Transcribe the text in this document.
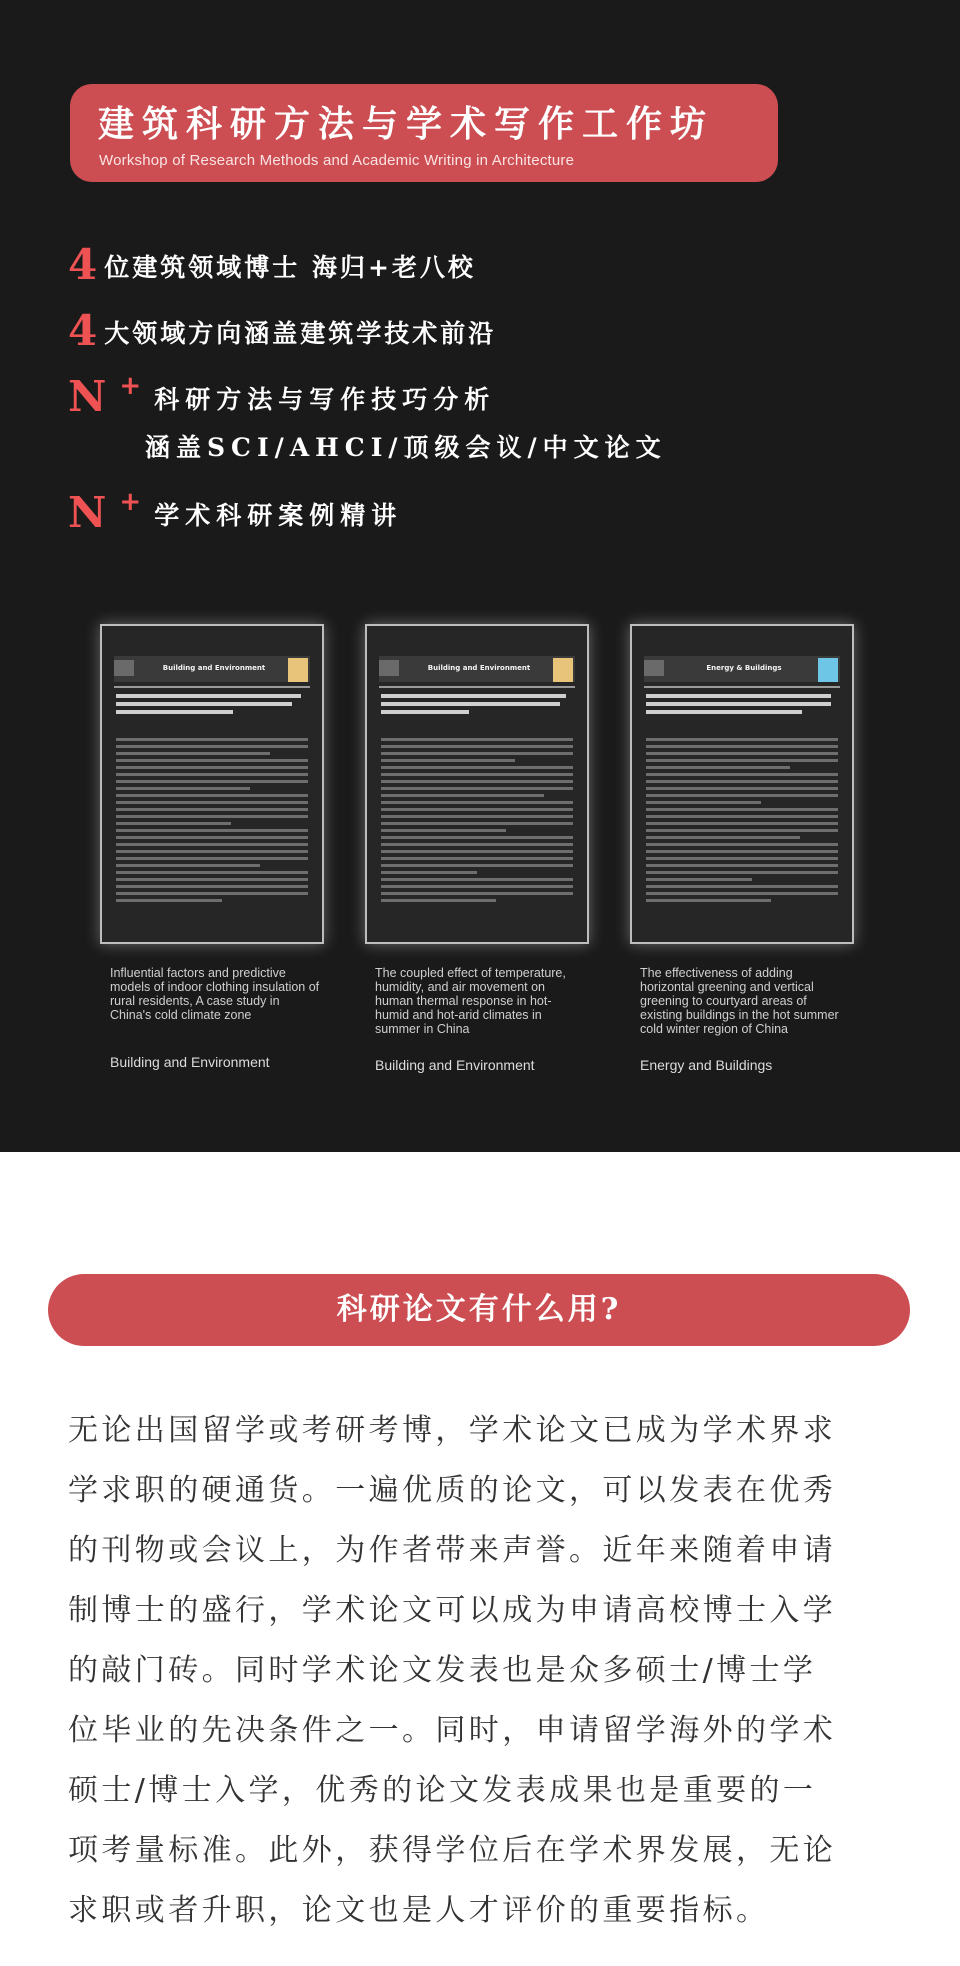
建筑科研方法与学术写作工作坊
Workshop of Research Methods and Academic Writing in Architecture
4 位建筑领域博士 海归+老八校
4 大领域方向涵盖建筑学技术前沿
N + 科研方法与写作技巧分析
涵盖SCI/AHCI/顶级会议/中文论文
N + 学术科研案例精讲
Building and Environment	Building and Environment	Energy & Buildings
Influential factors and predictive models of indoor clothing insulation of rural residents, A case study in China's cold climate zone
The coupled effect of temperature, humidity, and air movement on human thermal response in hot-humid and hot-arid climates in summer in China
The effectiveness of adding horizontal greening and vertical greening to courtyard areas of existing buildings in the hot summer cold winter region of China
Building and Environment	Building and Environment	Energy and Buildings
科研论文有什么用?
无论出国留学或考研考博，学术论文已成为学术界求
学求职的硬通货。一遍优质的论文，可以发表在优秀
的刊物或会议上，为作者带来声誉。近年来随着申请
制博士的盛行，学术论文可以成为申请高校博士入学
的敲门砖。同时学术论文发表也是众多硕士/博士学
位毕业的先决条件之一。同时，申请留学海外的学术
硕士/博士入学，优秀的论文发表成果也是重要的一
项考量标准。此外，获得学位后在学术界发展，无论
求职或者升职，论文也是人才评价的重要指标。
